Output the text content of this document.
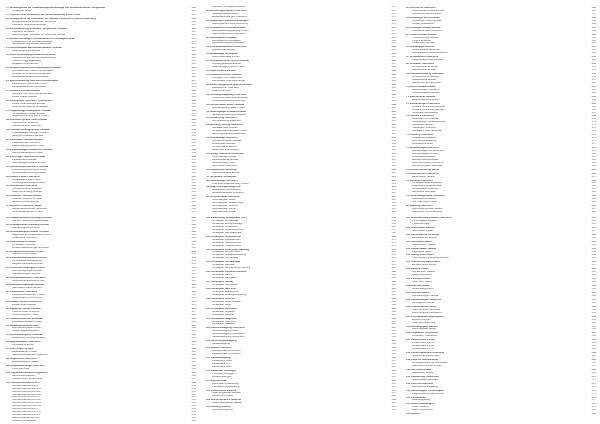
17 Hinweisgeräte für Umwelttemperaturanzeige mit Einbauverhältnis Temperatur	205
Schaltplan Motor	206
17 Übersicht mit Hinweisen der Motorsteuerung Vorne Links	207
18 Anzeigeventil für Ölbehälter für Ausbau Verdichter Öl Motorsteuerung	208
Einbauverhältnis Hinweisen Verdichter	209
Übersicht Temperaturanzeige	210
19 Ventilsteuerung Ventilator Temperatur Ausbau	211
Übersicht Ventilator	212
Anschlussplan Ventilator für Verdichter Einbau	213
20 Hinweis Montage Lichtmaschine für Ansaugkrümmer	214
Anzeigeventil für Ventilator Ausbau	215
Motorsteuerung Einbau Verdichter	216
21 Zeitschaltplan Betriebstemperatur Ausbau	217
Kühlmittelpumpe Einbau	218
22 Motor Abdeckung Ausbau Kühlmittel	219
Kraftstoffpumpe Gemischaufbereitung	220
Übersicht Aggregatelager	221
Abgaskrümmer Einbau	222
23 Einspritzventile Motorsteuergerät Ausbau	223
Lambdasonde Prüfen und Einbauen	224
Zündkerzen Ersetzen Zündspulen	225
Motorsteuergerät Anschlussplan	226
24 Ventilsteuerung Übersicht Nockenwelle	227
Zahnriemen Spannrolle Prüfen	228
Kurbelwellendichtring Ausbau	229
25 Ölwanne Ausbau Einbau	230
Ölpumpe Übersicht Öldruckschalter	231
Ölfilter Halter Ausbau	232
26 Kühlsystem Übersicht Thermostat	233
Kühler Lüfter Ausbau Einbau	234
Kühlmittelschläuche Schaltplan	235
27 Abgasanlage Katalysator Ausbau	236
Schalldämpfer Halter Einbau	237
Abgasrückführung Ventil Prüfen	238
28 Kraftstoffsystem Tank Ausbau	239
Kraftstofffilter Ersetzen	240
Kraftstoffleitung Übersicht	241
29 Luftfilter Ansaugsystem Ausbau	242
Drosselklappe Reinigen Prüfen	243
Saugrohr Übersicht Einbau	244
30 Turbolader Ausbau Einbau	245
Ladeluftkühler Übersicht	246
Ladedruckregelventil Prüfen	247
31 Vorglühanlage Glühkerzen Ausbau	248
Glühzeitsteuergerät Prüfen	249
32 Motorlager Übersicht Einbau	250
Pendelstütze Ausbau	251
Getriebelager Ausbau Einbau	252
33 Zylinderkopf Übersicht Ausbau	253
Zylinderkopfdichtung Ersetzen	254
Ventildeckel Dichtung Einbau	255
34 Kolben Pleuel Übersicht	256
Kurbelwelle Lager Prüfen	257
Schwungrad Ausbau Einbau	258
35 Riementrieb Übersicht	259
Keilrippenriemen Ersetzen	260
Spannvorrichtung Ausbau	261
36 Generator Ausbau Einbau	262
Anlasser Übersicht Prüfen	263
Batterie Ausbau Einbau	264
37 Sensoren Übersicht Motor	265
Nockenwellensensor Ersetzen	266
Übersicht Schaltplan Elektrik	270
39 Sicherungen Relais Übersicht	271
Steuergeräte Einbauort	272
Masseverbindungen Übersicht	273
40 Kabelbaum Steckverbindungen	274
Leitungsfarben Kennzeichnung	275
41 Scheinwerfer Ausbau Einbau	276
Leuchtweitenregulierung Prüfen	277
Nebelscheinwerfer Einstellen	278
42 Heckleuchten Ausbau	279
Bremsleuchte Schaltplan	280
Kennzeichenleuchte Einbau	281
43 Innenraumleuchten Übersicht	282
Leseleuchte Ausbau	283
44 Blinkanlage Schaltplan	284
Warnblinkanlage Prüfen	285
45 Scheibenwischer Motor Ausbau	286
Wischergestänge Einbau	287
Waschanlage Pumpe Prüfen	288
46 Hupe Fanfare Einbau	289
47 Kombiinstrument Ausbau	290
Anzeigen Kontrollleuchten	291
Tachometer Drehzahlmesser	292
48 Radio Navigationssystem Ausbau	293
Lautsprecher Übersicht	294
Antenne Einbau	295
49 Zentralverriegelung Übersicht	296
Türschloss Stellmotor Ersetzen	297
Funkfernbedienung Anlernen	298
50 Fensterheber Motor Ausbau	299
Fensterheberschalter Prüfen	300
51 Außenspiegel Ausbau Einbau	301
Spiegelverstellung Schaltplan	302
52 Sitzheizung Übersicht	303
Sitzverstellung Elektrisch	304
53 Heizung Lüftung Übersicht	305
Gebläsemotor Ausbau	306
Vorwiderstand Gebläse Prüfen	307
Heizungsregelung Bedienteil	308
54 Klimaanlage Übersicht	309
Klimakompressor Ausbau	310
Kondensator Einbau	311
Verdampfer Ersetzen	312
Kältemittel Füllmengen	313
55 Airbag Übersicht Sicherheit	314
Fahrerairbag Ausbau	315
Beifahrerairbag Einbau	316
Seitenairbag Prüfen	317
Gurtstraffer Übersicht	318
56 Einparkhilfe Sensoren	319
Rückfahrkamera Einbau	320
57 Tempomat Schaltplan	321
58 Alarmanlage Übersicht	322
Innenraumüberwachung Prüfen	323
59 Diagnose Eigendiagnose	324
Fehlerspeicher Auslesen	325
Messwerteblöcke Übersicht	326
60 Stromlaufplan Übersicht	327
Stromlaufplan Motor	328
Stromlaufplan Beleuchtung	329
Stromlaufplan Komfort	330
Stromlaufplan Klima	331
62 Karosserie Übersicht	335
Motorhaube Ausbau Einbau	336
Haubenschloss Einstellen	337
63 Stoßfänger vorn Ausbau	338
Stoßfänger hinten Einbau	339
Kühlergrill Ersetzen	340
64 Kotflügel Ausbau Einbau	341
Radhausschale Übersicht	342
65 Türen Ausbau Einbau	343
Türverkleidung Ausbau	344
Türgriff Ersetzen	345
Türdichtung Einbau	346
66 Heckklappe Ausbau	347
Gasdruckfeder Ersetzen	348
Heckklappenschloss Einstellen	349
67 Schiebedach Übersicht	350
Schiebedachmotor Ausbau	351
68 Scheiben Übersicht	352
Frontscheibe Ersetzen	353
Heckscheibe Einbau	354
69 Innenausstattung Übersicht	355
Armaturenbrett Ausbau	356
Mittelkonsole Einbau	357
Handschuhfach Ersetzen	358
70 Sitze Ausbau Einbau	359
Rücksitzbank Übersicht	360
Sicherheitsgurte Einbau	361
71 Dachhimmel Ausbau	362
Sonnenblende Ersetzen	363
72 Verkleidungen Übersicht	364
A-Säule Verkleidung Ausbau	365
B-Säule Verkleidung Einbau	366
Kofferraumverkleidung	367
73 Fahrwerk Übersicht	368
Federbein vorn Ausbau	369
Stoßdämpfer hinten Ersetzen	370
Querlenker Einbau	371
Stabilisator Übersicht	372
Radlager Prüfen Ersetzen	373
74 Lenkung Übersicht	374
Lenkgetriebe Ausbau	375
Spurstange Ersetzen	376
Lenksäule Einbau	377
75 Bremsanlage Übersicht	378
Bremsbeläge vorn Ersetzen	379
Bremsscheiben Prüfen	380
Bremssattel Ausbau	381
Handbremse Einstellen	382
ABS Steuergerät Übersicht	383
Bremsflüssigkeit Wechseln	384
76 Achsvermessung Werte	385
77 Räder Reifen Übersicht	386
Reifendruck Tabelle	387
78 Getriebe Übersicht	388
Schaltgestänge Einstellen	389
Kupplung Ausbau Einbau	390
Antriebswelle Ersetzen	391
Getriebeöl Wechseln	392
79 Automatikgetriebe Übersicht	393
Wählhebel Einstellen	394
ATF Wechseln Prüfen	395
80 Wartung Übersicht	396
Wartungsintervalle Tabelle	397
81 Abgaskrümmer Dichtung Ersetzen	399
Flansch Übersicht Abgasanlage	400
82 Ansaugbrücke Dichtung Einbau	401
Leerlaufregelung Prüfen	402
83 Nockenwellenversteller Ausbau	403
Magnetventil Nockenwelle Prüfen	404
Steuerkette Übersicht	405
84 Hydrostößel Ersetzen	406
Ventilfedern Ausbau	407
Ventilschaftdichtungen Ersetzen	408
85 Kompressionsdruck Prüfen	409
Öldruck Prüfen Werte	410
86 Kühlmittelthermostat Ersetzen	411
Kühlmitteltemperaturgeber	412
Ausgleichsbehälter Einbau	413
87 Kraftstoffdruckregler Prüfen	414
Hochdruckpumpe Ausbau	415
Kraftstoffverteiler Einbau	416
88 Aktivkohlebehälter Übersicht	417
Tankentlüftungsventil Prüfen	418
89 Sekundärluftpumpe Ausbau	419
Sekundärluftventil Einbau	420
90 Partikelfilter Übersicht	421
Differenzdrucksensor Prüfen	422
Regeneration Durchführen	423
91 AdBlue System Übersicht	424
Dosiermodul Ausbau	425
92 Injektoren Diesel Ausbau	426
Common Rail Übersicht	427
Raildrucksensor Prüfen	428
93 Ladedrucksensor Ersetzen	429
Luftmassenmesser Prüfen	430
94 Gaspedalmodul Einbau	431
Bremslichtschalter Prüfen	432
Kupplungspedalschalter	433
95 Motorsteuergerät Codieren	434
Anpassung Grundeinstellung	435
96 Wegfahrsperre Übersicht	436
Schlüssel Anlernen	437
97 Start Stopp System	438
Batteriesensor Prüfen	439
Batteriemanagement Übersicht	440
98 Abgasnorm Übersicht	441
Emissionswerte Tabelle	442
99 Sonderwerkzeuge Übersicht	443
Prüfmittel Liste	444
100 Reparaturhinweise Allgemein	445
Sicherheitshinweise	446
Umweltschutz Entsorgung	447
101 Stichwortverzeichnis A	448
Stichwortverzeichnis B	449
Stichwortverzeichnis C-D	450
Stichwortverzeichnis E-F	451
Stichwortverzeichnis G-H	452
Stichwortverzeichnis I-K	453
Stichwortverzeichnis L-M	454
Stichwortverzeichnis N-O	455
Stichwortverzeichnis P-R	456
Stichwortverzeichnis S	457
Stichwortverzeichnis T-U	458
Stichwortverzeichnis V-Z	459
Abkürzungsverzeichnis	460
Glossar Fachbegriffe	461
102 Elektrische Schaltpläne Teil 2	463
Schaltplan Zündanlage	464
Schaltplan Einspritzanlage	465
Schaltplan Kühlerlüfter	466
Schaltplan Kraftstoffpumpe	467
Schaltplan Lambdasonde	468
103 Schaltplan Scheinwerfer	469
Schaltplan Rückleuchten	470
Schaltplan Nebelleuchten	471
Schaltplan Innenleuchten	472
104 Schaltplan Zentralverriegelung	473
Schaltplan Fensterheber	474
Schaltplan Spiegelverstellung	475
Schaltplan Sitzheizung	476
105 Schaltplan Klimaanlage	477
Schaltplan Gebläse	478
Schaltplan Heckscheibenheizung	479
106 Schaltplan Kombiinstrument	480
Schaltplan Radio	481
Schaltplan Navigation	482
107 Schaltplan Airbag	483
Schaltplan Gurtstraffer	484
108 Schaltplan ABS ESP	485
Schaltplan Einparkhilfe	486
Schaltplan Anhängerkupplung	487
109 Schaltplan Wischer	488
Schaltplan Waschanlage	489
Schaltplan Hupe	490
110 Schaltplan Generator	491
Schaltplan Anlasser	492
Schaltplan Batterie	493
111 Schaltplan Diagnose	494
Schaltplan CAN Bus	495
Schaltplan Gateway	496
112 Steckerbelegung Übersicht	497
Steckerbelegung Motor	498
Steckerbelegung Karosserie	499
Steckerbelegung Innenraum	500
113 Sicherungsbelegung	501
Relaisbelegung	502
114 Masse Übersicht	503
Massepunkte Motorraum	504
Massepunkte Innenraum	505
115 Kabelverlegung	506
Kabelbaum Motor	507
Kabelbaum Tür	508
Kabelbaum Heck	509
116 Reparatur Leitungen	510
Crimpverbindungen	511
Lötverbindungen	512
117 Messtechnik	513
Multimeter Anwendung	514
Oszilloskop Anwendung	515
118 Fehlersuche Elektrik	516
Spannungsabfall Messen	517
Ruhestrom Prüfen	518
119 Komponenten Prüfwerte	519
Widerstandswerte Tabelle	520
120 Anhang Elektrik	521
Symbole Legende	522
121 Motorkennbuchstaben Übersicht	523
Fahrzeugidentifikation	524
Typschild Lage	525
122 Motordaten Benzin	526
Motordaten Diesel	527
123 Einstellwerte Zündung	528
Einstellwerte Leerlauf	529
124 Ventilspiel Werte	530
Steuerzeiten Tabelle	531
125 Kolbenmaße Tabelle	532
Lagerspiel Werte	533
126 Kühlsystem Daten	534
Thermostat Öffnungstemperatur	535
127 Kraftstoffsystem Daten	536
Einspritzdruck Werte	537
128 Elektrik Daten	538
Glühlampen Tabelle	539
Sicherungswerte	540
129 Fahrwerk Daten	541
Spur Sturz Werte	542
130 Bremsen Daten	543
Verschleißgrenzen	544
131 Getriebe Daten	545
Übersetzungen Tabelle	546
132 Abmessungen Gewichte	547
Anhängelast Werte	548
133 Drehmomente Motor	549
Drehmomente Fahrwerk	550
Drehmomente Karosserie	551
134 Flüssigkeiten Spezifikation	552
Motoröl Normen	553
Kühlmittel Mischung	554
135 Wartungsplan Benzin	555
Wartungsplan Diesel	556
136 Inspektion Checkliste	557
Probefahrt Checkliste	558
137 Fehlercodes P0xxx	559
Fehlercodes P1xxx	560
Fehlercodes P2xxx	561
Fehlercodes B U C	562
138 Rückrufaktionen Übersicht	563
Technische Mitteilungen	564
139 Zubehör Nachrüstung	565
Anhängerkupplung Nachrüsten	566
Standheizung Nachrüsten	567
140 Karosseriemaße	568
Spaltmaße Tabelle	569
141 Lackierung Farbcodes	570
Lackschäden Beheben	571
142 Korrosionsschutz	572
Hohlraumversiegelung	573
143 Abschleppen Anschleppen	574
Wagenheber Ansatzpunkte	575
144 Pannenhilfe	576
Notentriegelung	577
145 Index Abbildungen	578
Index Tabellen	579
Index Schaltpläne	580
146 Notizen	581
